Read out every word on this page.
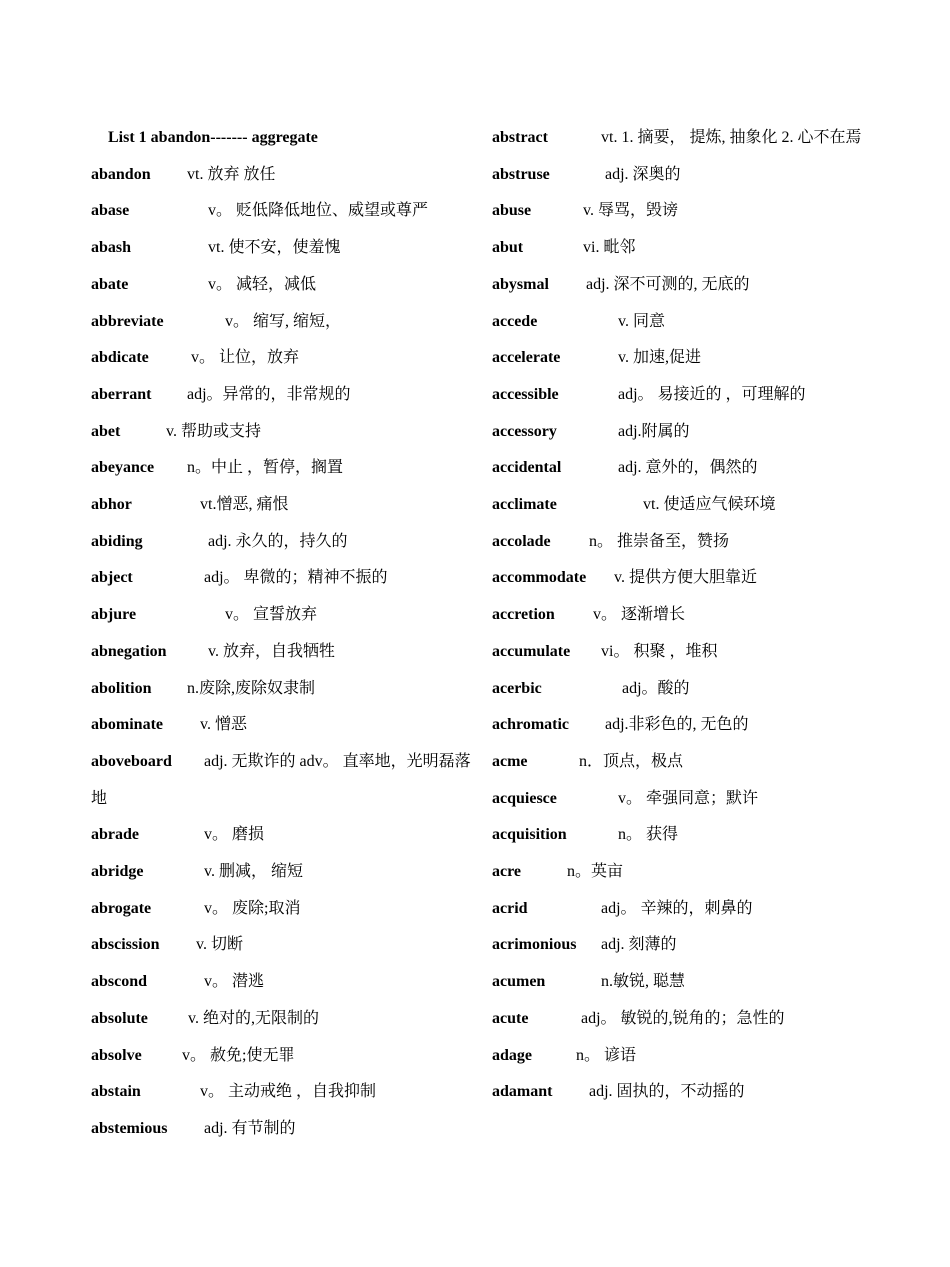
List 1 abandon------- aggregate
abandon vt. 放弃 放任
abase	v。 贬低降低地位、威望或尊严
abash	vt. 使不安，使羞愧
abate	v。 减轻，减低
abbreviate	v。 缩写, 缩短，
abdicate	v。 让位，放弃
aberrant adj。异常的，非常规的
abet	v. 帮助或支持
abeyance n。中止 ，暂停，搁置
abhor	vt.憎恶, 痛恨
abiding	adj. 永久的，持久的
abject	adj。 卑微的；精神不振的
abjure	v。 宣誓放弃
abnegation	v. 放弃，自我牺牲
abolition n.废除,废除奴隶制
abominate v. 憎恶
aboveboard adj. 无欺诈的 adv。 直率地，光明磊落地
abrade	v。 磨损
abridge	v. 删减， 缩短
abrogate	v。 废除;取消
abscission v. 切断
abscond	v。 潜逃
absolute	v. 绝对的,无限制的
absolve	v。 赦免;使无罪
abstain	v。 主动戒绝 ，自我抑制
abstemious adj. 有节制的
abstract	vt. 1. 摘要， 提炼, 抽象化 2. 心不在焉
abstruse	adj. 深奥的
abuse	v. 辱骂，毁谤
abut	vi. 毗邻
abysmal adj. 深不可测的, 无底的
accede	v. 同意
accelerate	v. 加速,促进
accessible	adj。 易接近的 ，可理解的
accessory	adj.附属的
accidental	adj. 意外的，偶然的
acclimate	vt. 使适应气候环境
accolade n。 推崇备至，赞扬
accommodate v. 提供方便大胆靠近
accretion v。 逐渐增长
accumulate vi。 积聚 ，堆积
acerbic	adj。酸的
achromatic adj.非彩色的, 无色的
acme	n．顶点，极点
acquiesce	v。 牵强同意；默许
acquisition	n。 获得
acre	n。英亩
acrid	adj。 辛辣的，刺鼻的
acrimonious adj. 刻薄的
acumen	n.敏锐, 聪慧
acute	adj。 敏锐的,锐角的；急性的
adage	n。 谚语
adamant adj. 固执的，不动摇的
